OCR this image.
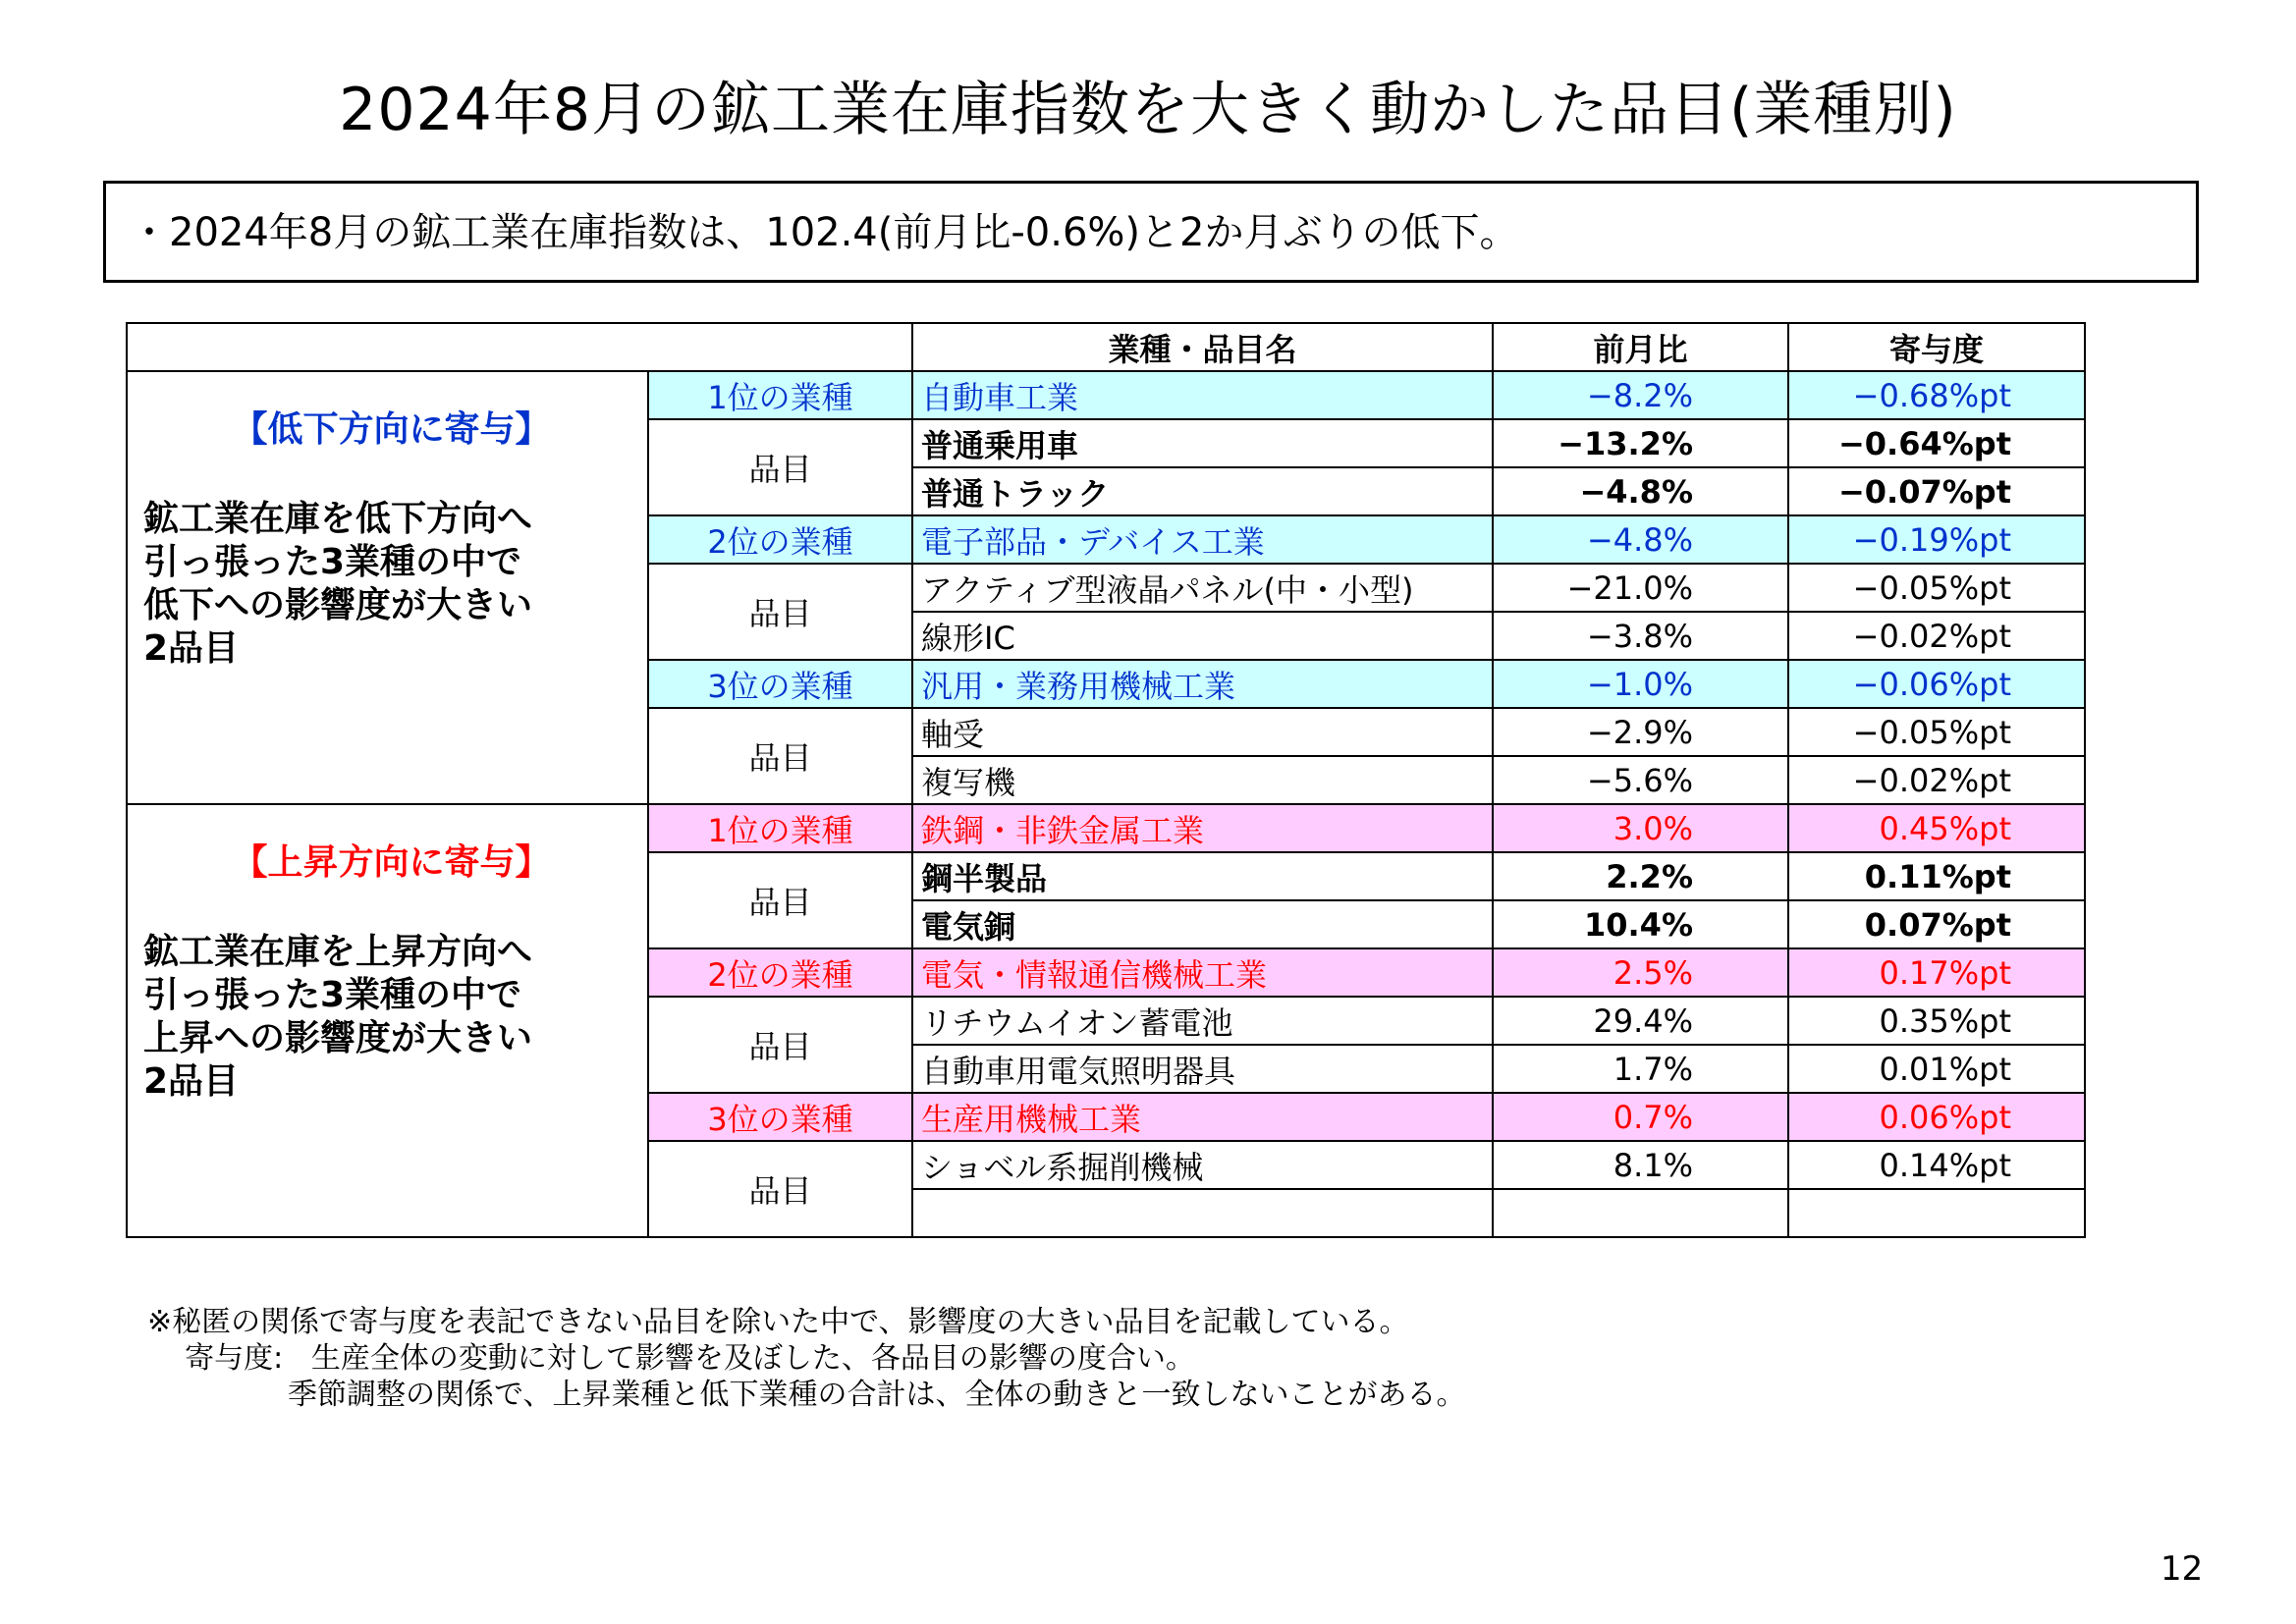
2024年8月の鉱工業在庫指数を大きく動かした品目(業種別)
・2024年8月の鉱工業在庫指数は、102.4(前月比-0.6%)と2か月ぶりの低下。
		業種・品目名	前月比	寄与度

【低下方向に寄与】
鉱工業在庫を低下方向へ
引っ張った3業種の中で
低下への影響度が大きい
2品目	1位の業種	自動車工業	−8.2%	−0.68%pt
	品目	普通乗用車	−13.2%	−0.64%pt
		普通トラック	−4.8%	−0.07%pt
	2位の業種	電子部品・デバイス工業	−4.8%	−0.19%pt
	品目	アクティブ型液晶パネル(中・小型)	−21.0%	−0.05%pt
		線形IC	−3.8%	−0.02%pt
	3位の業種	汎用・業務用機械工業	−1.0%	−0.06%pt
	品目	軸受	−2.9%	−0.05%pt
		複写機	−5.6%	−0.02%pt

【上昇方向に寄与】
鉱工業在庫を上昇方向へ
引っ張った3業種の中で
上昇への影響度が大きい
2品目	1位の業種	鉄鋼・非鉄金属工業	3.0%	0.45%pt
	品目	鋼半製品	2.2%	0.11%pt
		電気銅	10.4%	0.07%pt
	2位の業種	電気・情報通信機械工業	2.5%	0.17%pt
	品目	リチウムイオン蓄電池	29.4%	0.35%pt
		自動車用電気照明器具	1.7%	0.01%pt
	3位の業種	生産用機械工業	0.7%	0.06%pt
	品目	ショベル系掘削機械	8.1%	0.14%pt

※秘匿の関係で寄与度を表記できない品目を除いた中で、影響度の大きい品目を記載している。
寄与度: 生産全体の変動に対して影響を及ぼした、各品目の影響の度合い。
季節調整の関係で、上昇業種と低下業種の合計は、全体の動きと一致しないことがある。
12
